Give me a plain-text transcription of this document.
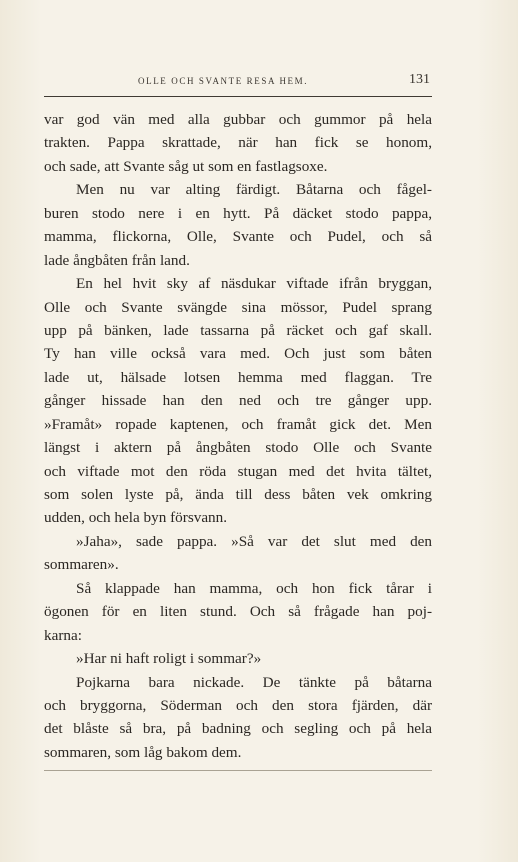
OLLE OCH SVANTE RESA HEM.	131
var god vän med alla gubbar och gummor på hela
trakten. Pappa skrattade, när han fick se honom,
och sade, att Svante såg ut som en fastlagsoxe.
Men nu var alting färdigt. Båtarna och fågel-
buren stodo nere i en hytt. På däcket stodo pappa,
mamma, flickorna, Olle, Svante och Pudel, och så
lade ångbåten från land.
En hel hvit sky af näsdukar viftade ifrån bryggan,
Olle och Svante svängde sina mössor, Pudel sprang
upp på bänken, lade tassarna på räcket och gaf skall.
Ty han ville också vara med. Och just som båten
lade ut, hälsade lotsen hemma med flaggan. Tre
gånger hissade han den ned och tre gånger upp.
»Framåt» ropade kaptenen, och framåt gick det. Men
längst i aktern på ångbåten stodo Olle och Svante
och viftade mot den röda stugan med det hvita tältet,
som solen lyste på, ända till dess båten vek omkring
udden, och hela byn försvann.
»Jaha», sade pappa. »Så var det slut med den
sommaren».
Så klappade han mamma, och hon fick tårar i
ögonen för en liten stund. Och så frågade han poj-
karna:
»Har ni haft roligt i sommar?»
Pojkarna bara nickade. De tänkte på båtarna
och bryggorna, Söderman och den stora fjärden, där
det blåste så bra, på badning och segling och på hela
sommaren, som låg bakom dem.
